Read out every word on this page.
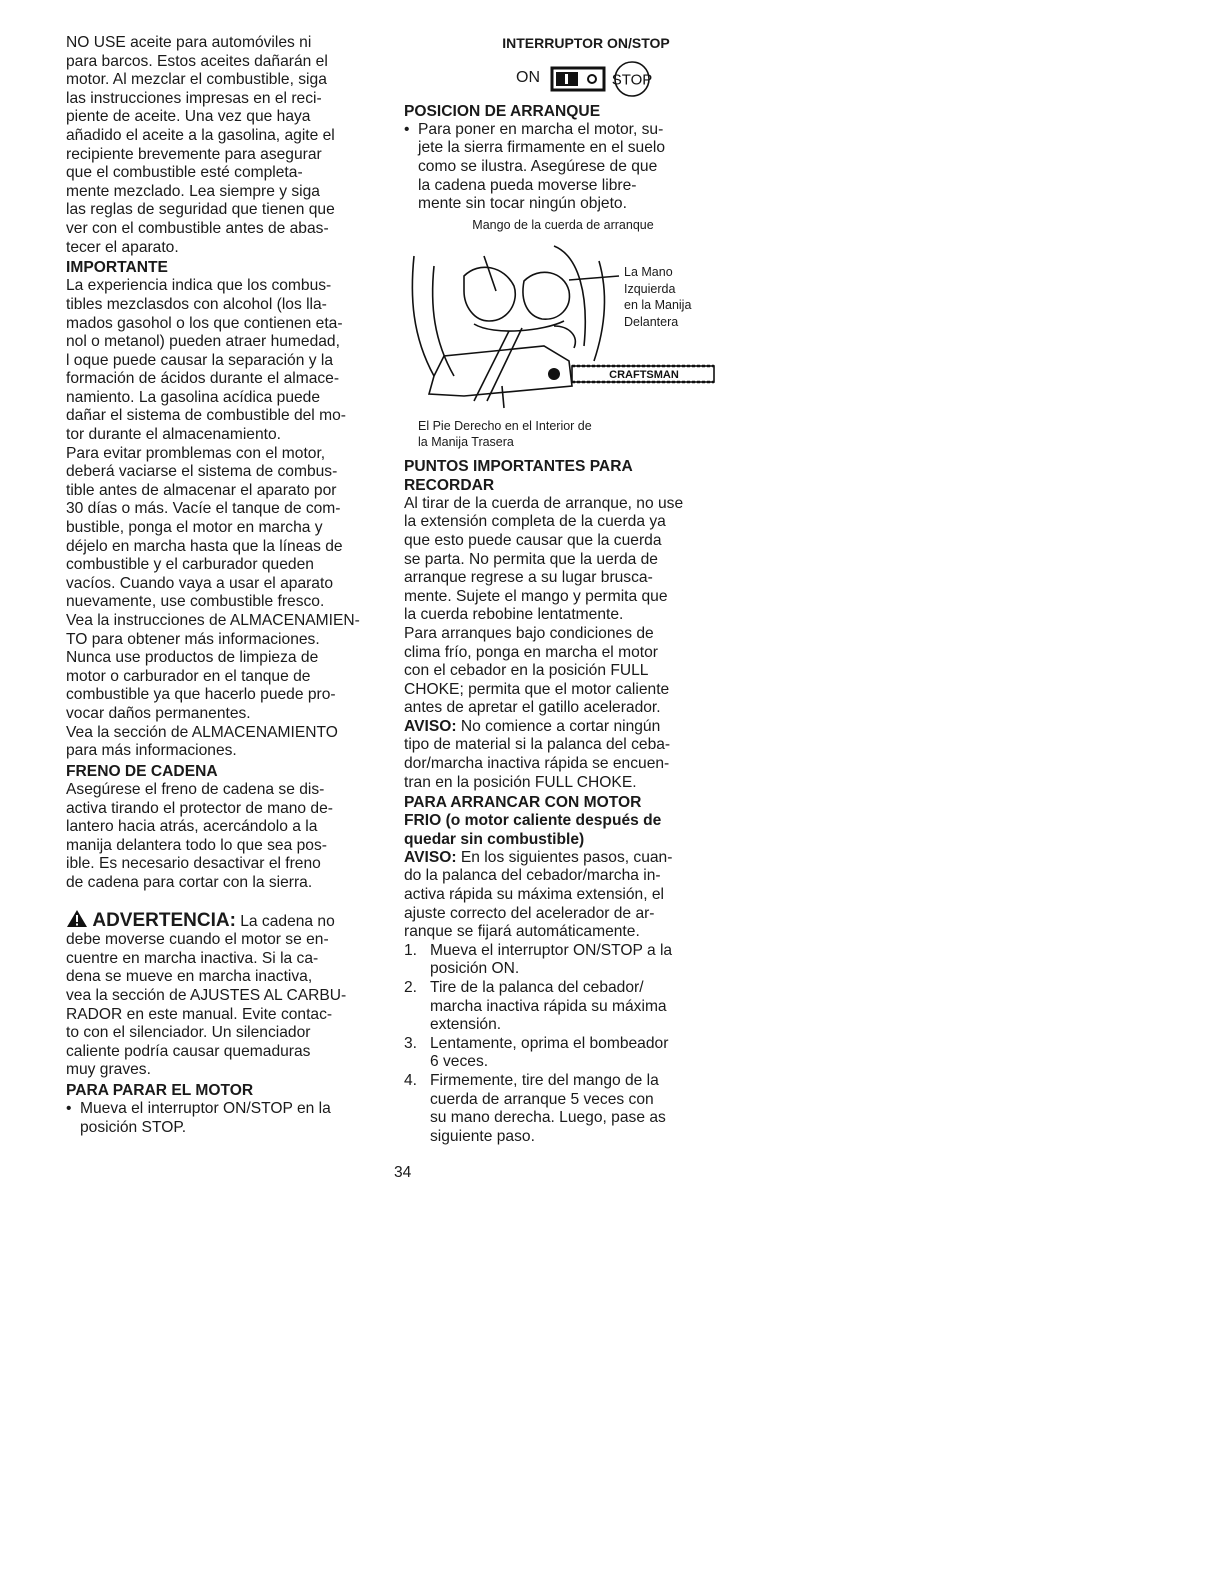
NO USE aceite para automóviles ni
para barcos. Estos aceites dañarán el
motor. Al mezclar el combustible, siga
las instrucciones impresas en el reci-
piente de aceite. Una vez que haya
añadido el aceite a la gasolina, agite el
recipiente brevemente para asegurar
que el combustible esté completa-
mente mezclado. Lea siempre y siga
las reglas de seguridad que tienen que
ver con el combustible antes de abas-
tecer el aparato.
IMPORTANTE
La experiencia indica que los combus-
tibles mezclasdos con alcohol (los lla-
mados gasohol o los que contienen eta-
nol o metanol) pueden atraer humedad,
l oque puede causar la separación y la
formación de ácidos durante el almace-
namiento. La gasolina acídica puede
dañar el sistema de combustible del mo-
tor durante el almacenamiento.
Para evitar promblemas con el motor,
deberá vaciarse el sistema de combus-
tible antes de almacenar el aparato por
30 días o más. Vacíe el tanque de com-
bustible, ponga el motor en marcha y
déjelo en marcha hasta que la líneas de
combustible y el carburador queden
vacíos. Cuando vaya a usar el aparato
nuevamente, use combustible fresco.
Vea la instrucciones de ALMACENAMIEN-
TO para obtener más informaciones.
Nunca use productos de limpieza de
motor o carburador en el tanque de
combustible ya que hacerlo puede pro-
vocar daños permanentes.
Vea la sección de ALMACENAMIENTO
para más informaciones.
FRENO DE CADENA
Asegúrese el freno de cadena se dis-
activa tirando el protector de mano de-
lantero hacia atrás, acercándolo a la
manija delantera todo lo que sea pos-
ible. Es necesario desactivar el freno
de cadena para cortar con la sierra.
ADVERTENCIA: La cadena no
debe moverse cuando el motor se en-
cuentre en marcha inactiva. Si la ca-
dena se mueve en marcha inactiva,
vea la sección de AJUSTES AL CARBU-
RADOR en este manual. Evite contac-
to con el silenciador. Un silenciador
caliente podría causar quemaduras
muy graves.
PARA PARAR EL MOTOR
• Mueva el interruptor ON/STOP en la
posición STOP.
INTERRUPTOR ON/STOP
ON	STOP
POSICION DE ARRANQUE
• Para poner en marcha el motor, su-
jete la sierra firmamente en el suelo
como se ilustra. Asegúrese de que
la cadena pueda moverse libre-
mente sin tocar ningún objeto.
Mango de la cuerda de arranque
CRAFTSMAN
La Mano
Izquierda
en la Manija
Delantera
El Pie Derecho en el Interior de
la Manija Trasera
PUNTOS IMPORTANTES PARA
RECORDAR
Al tirar de la cuerda de arranque, no use
la extensión completa de la cuerda ya
que esto puede causar que la cuerda
se parta. No permita que la uerda de
arranque regrese a su lugar brusca-
mente. Sujete el mango y permita que
la cuerda rebobine lentatmente.
Para arranques bajo condiciones de
clima frío, ponga en marcha el motor
con el cebador en la posición FULL
CHOKE; permita que el motor caliente
antes de apretar el gatillo acelerador.
AVISO: No comience a cortar ningún
tipo de material si la palanca del ceba-
dor/marcha inactiva rápida se encuen-
tran en la posición FULL CHOKE.
PARA ARRANCAR CON MOTOR
FRIO (o motor caliente después de
quedar sin combustible)
AVISO: En los siguientes pasos, cuan-
do la palanca del cebador/marcha in-
activa rápida su máxima extensión, el
ajuste correcto del acelerador de ar-
ranque se fijará automáticamente.
1. Mueva el interruptor ON/STOP a la
posición ON.
2. Tire de la palanca del cebador/
marcha inactiva rápida su máxima
extensión.
3. Lentamente, oprima el bombeador
6 veces.
4. Firmemente, tire del mango de la
cuerda de arranque 5 veces con
su mano derecha. Luego, pase as
siguiente paso.
34
